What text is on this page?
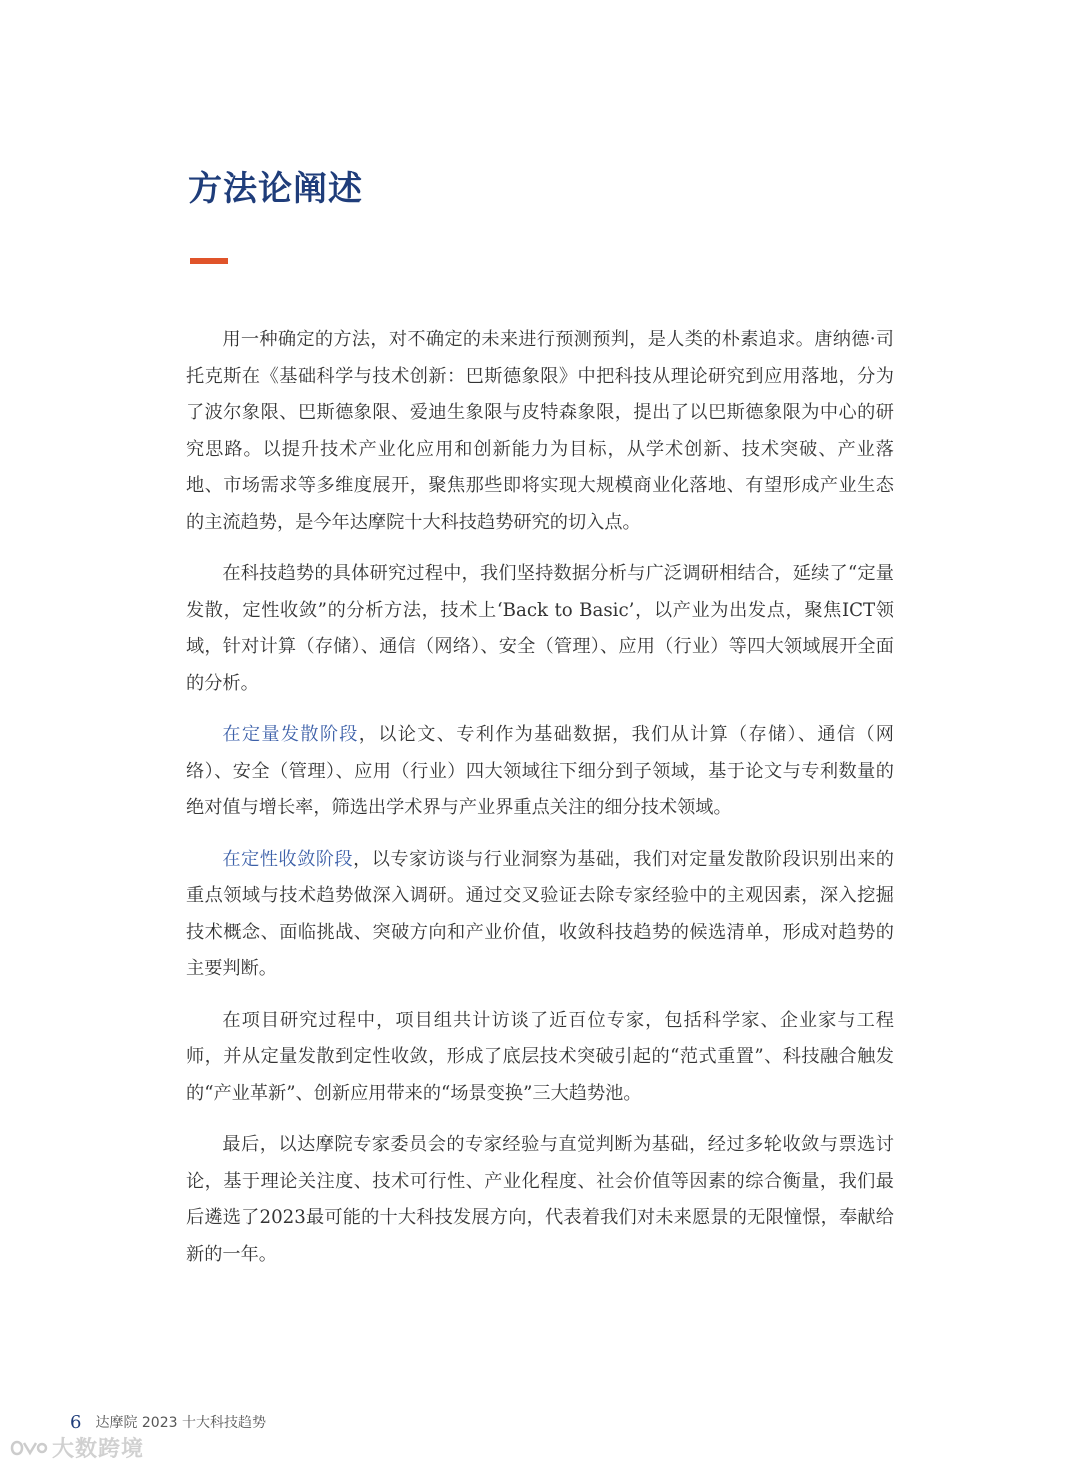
方法论阐述

用一种确定的方法，对不确定的未来进行预测预判，是人类的朴素追求。唐纳德·司托克斯在《基础科学与技术创新：巴斯德象限》中把科技从理论研究到应用落地，分为了波尔象限、巴斯德象限、爱迪生象限与皮特森象限，提出了以巴斯德象限为中心的研究思路。以提升技术产业化应用和创新能力为目标，从学术创新、技术突破、产业落地、市场需求等多维度展开，聚焦那些即将实现大规模商业化落地、有望形成产业生态的主流趋势，是今年达摩院十大科技趋势研究的切入点。

在科技趋势的具体研究过程中，我们坚持数据分析与广泛调研相结合，延续了“定量发散，定性收敛”的分析方法，技术上‘Back to Basic’，以产业为出发点，聚焦ICT领域，针对计算（存储）、通信（网络）、安全（管理）、应用（行业）等四大领域展开全面的分析。

在定量发散阶段，以论文、专利作为基础数据，我们从计算（存储）、通信（网络）、安全（管理）、应用（行业）四大领域往下细分到子领域，基于论文与专利数量的绝对值与增长率，筛选出学术界与产业界重点关注的细分技术领域。

在定性收敛阶段，以专家访谈与行业洞察为基础，我们对定量发散阶段识别出来的重点领域与技术趋势做深入调研。通过交叉验证去除专家经验中的主观因素，深入挖掘技术概念、面临挑战、突破方向和产业价值，收敛科技趋势的候选清单，形成对趋势的主要判断。

在项目研究过程中，项目组共计访谈了近百位专家，包括科学家、企业家与工程师，并从定量发散到定性收敛，形成了底层技术突破引起的“范式重置”、科技融合触发的“产业革新”、创新应用带来的“场景变换”三大趋势池。

最后，以达摩院专家委员会的专家经验与直觉判断为基础，经过多轮收敛与票选讨论，基于理论关注度、技术可行性、产业化程度、社会价值等因素的综合衡量，我们最后遴选了2023最可能的十大科技发展方向，代表着我们对未来愿景的无限憧憬，奉献给新的一年。

6 达摩院 2023 十大科技趋势
大数跨境
